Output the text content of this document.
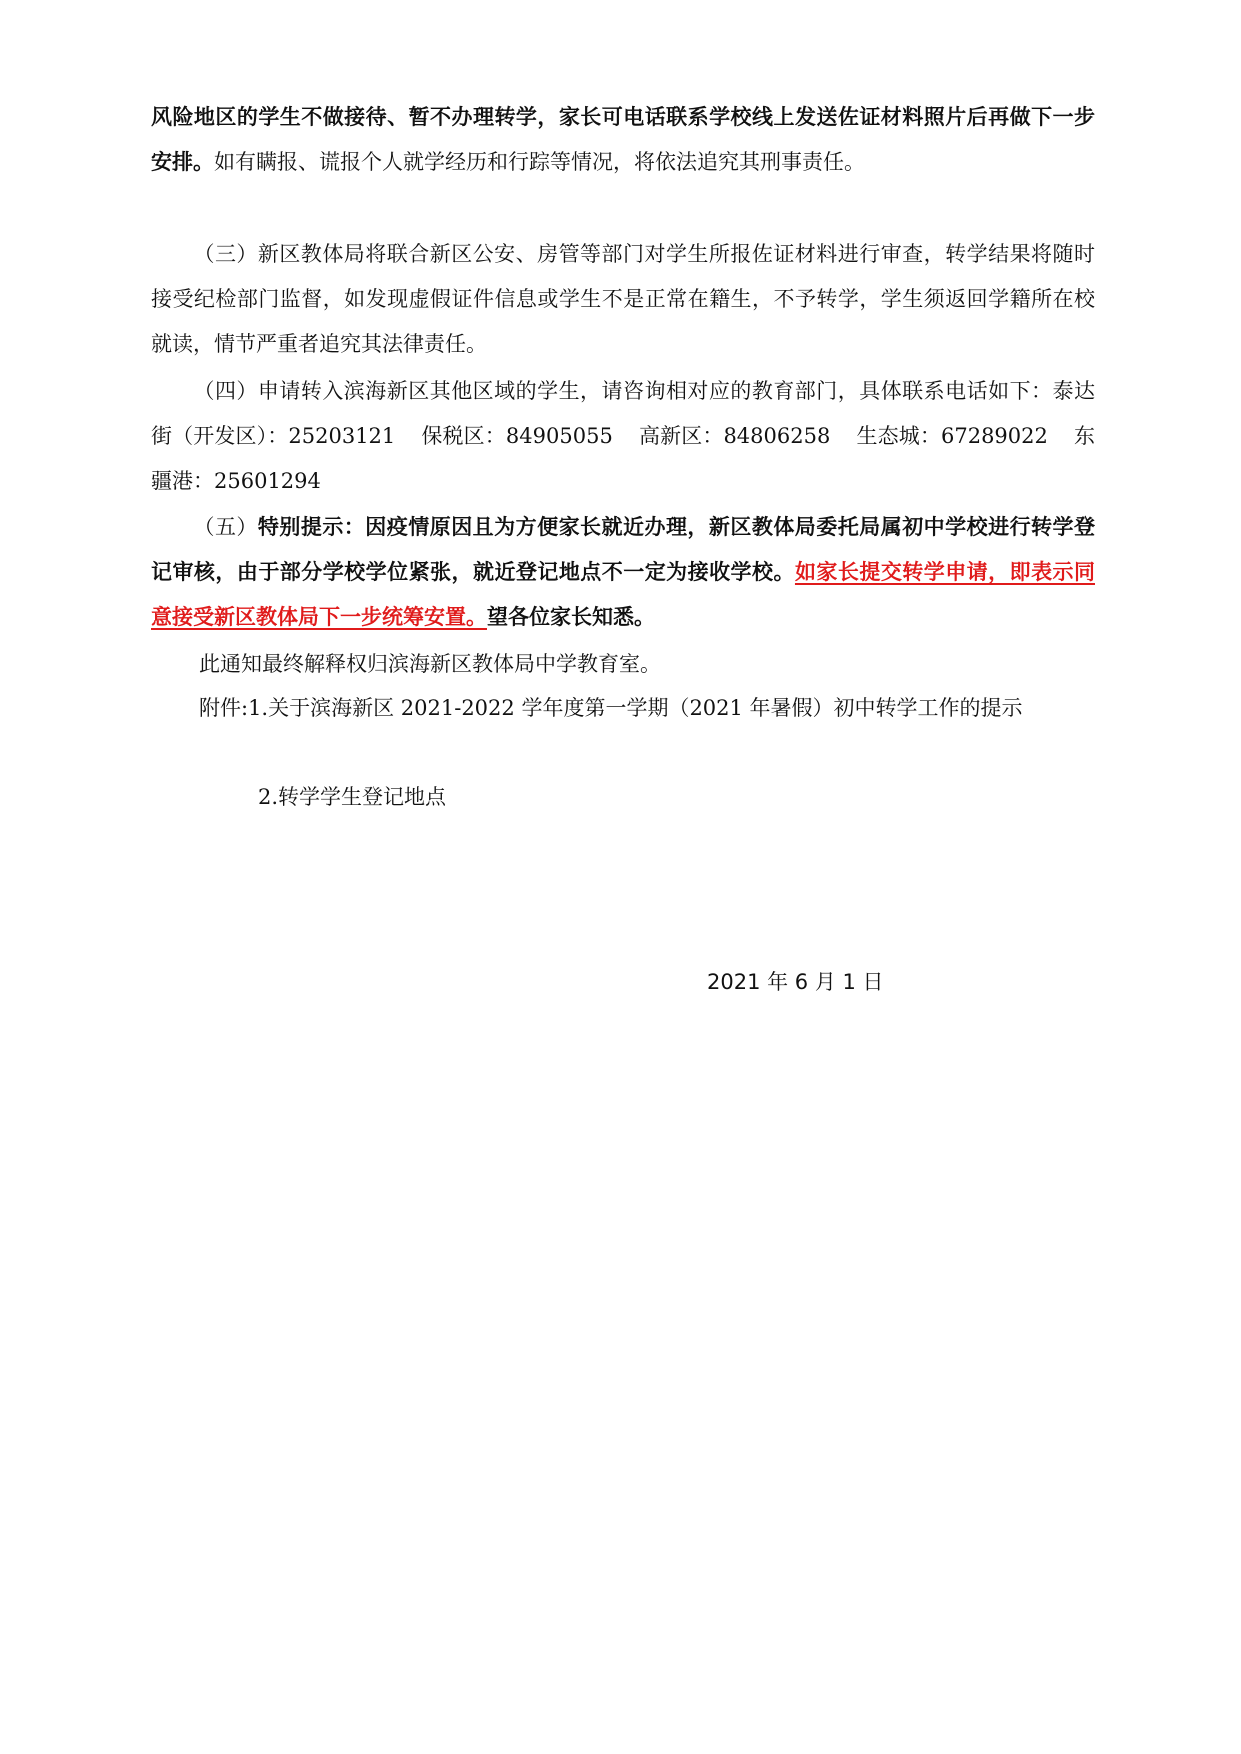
风险地区的学生不做接待、暂不办理转学，家长可电话联系学校线上发送佐证材料照片后再做下一步安排。如有瞒报、谎报个人就学经历和行踪等情况，将依法追究其刑事责任。

（三）新区教体局将联合新区公安、房管等部门对学生所报佐证材料进行审查，转学结果将随时接受纪检部门监督，如发现虚假证件信息或学生不是正常在籍生，不予转学，学生须返回学籍所在校就读，情节严重者追究其法律责任。

（四）申请转入滨海新区其他区域的学生，请咨询相对应的教育部门，具体联系电话如下：泰达街（开发区）：25203121 保税区：84905055 高新区：84806258 生态城：67289022 东疆港：25601294

（五）特别提示：因疫情原因且为方便家长就近办理，新区教体局委托局属初中学校进行转学登记审核，由于部分学校学位紧张，就近登记地点不一定为接收学校。如家长提交转学申请，即表示同意接受新区教体局下一步统筹安置。望各位家长知悉。

此通知最终解释权归滨海新区教体局中学教育室。

附件:1.关于滨海新区 2021-2022 学年度第一学期（2021 年暑假）初中转学工作的提示

2.转学学生登记地点

2021 年 6 月 1 日
